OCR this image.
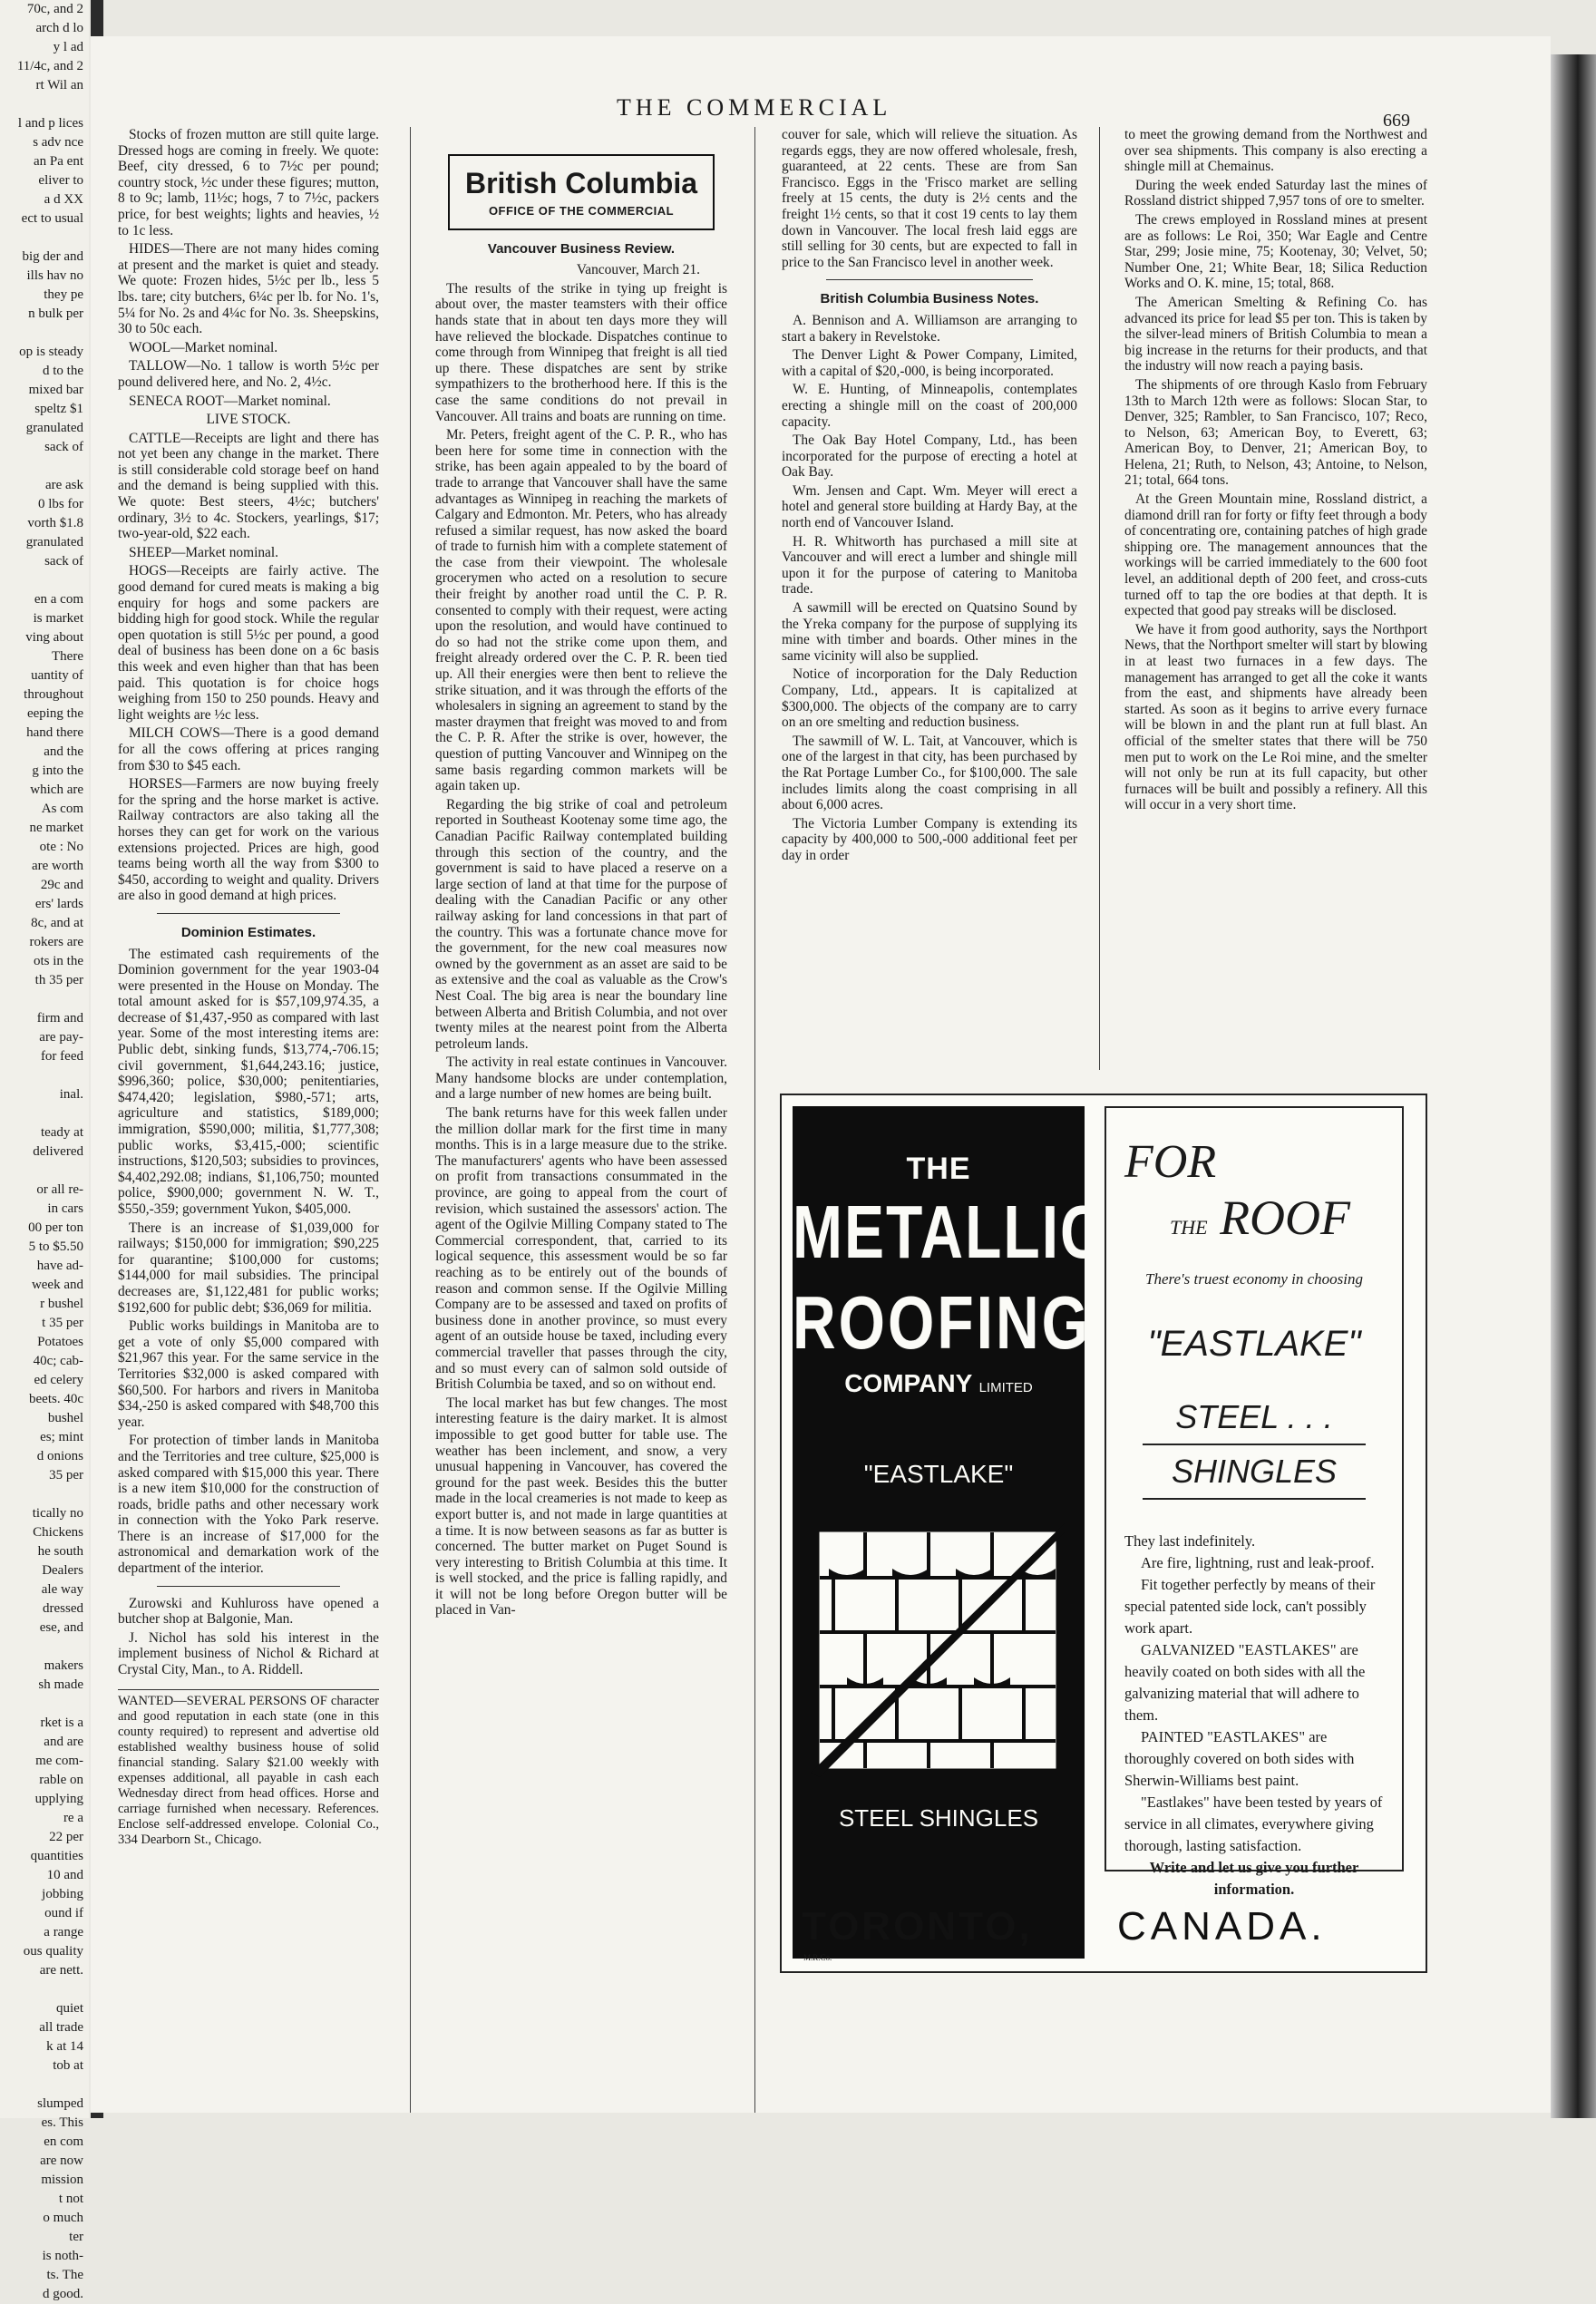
70c, and 2
arch d lo
y l ad
11/4c, and 2
rt Wil an

l and p lices
s adv nce
an Pa ent
eliver to
a d XX
ect to usual

big der and
ills hav no
they pe
n bulk per

op is steady
d to the
mixed bar
speltz $1
granulated
sack of

are ask
0 lbs for
vorth $1.8
granulated
sack of

en a com
is market
ving about
There
uantity of
throughout
eeping the
hand there
and the
g into the
which are
As com
ne market
ote : No
are worth
29c and
ers' lards
8c, and at
rokers are
ots in the
th 35 per

firm and
are pay-
for feed

inal.

teady at
delivered

or all re-
in cars
00 per ton
5 to $5.50
have ad-
week and
r bushel
t 35 per
Potatoes
40c; cab-
ed celery
beets. 40c
bushel
es; mint
d onions
35 per

tically no
Chickens
he south
Dealers
ale way
dressed
ese, and

makers
sh made

rket is a
and are
me com-
rable on
upplying
re a
22 per
quantities
10 and
jobbing
ound if
a range
ous quality
are nett.

quiet
all trade
k at 14
tob at

slumped
es. This
en com
are now
mission
t not
o much
ter
is noth-
ts. The
d good.
THE COMMERCIAL	669

Stocks of frozen mutton are still quite large. Dressed hogs are coming in freely. We quote: Beef, city dressed, 6 to 7½c per pound; country stock, ½c under these figures; mutton, 8 to 9c; lamb, 11½c; hogs, 7 to 7½c, packers price, for best weights; lights and heavies, ½ to 1c less.

HIDES—There are not many hides coming at present and the market is quiet and steady. We quote: Frozen hides, 5½c per lb., less 5 lbs. tare; city butchers, 6¼c per lb. for No. 1's, 5¼ for No. 2s and 4¼c for No. 3s. Sheepskins, 30 to 50c each.

WOOL—Market nominal.

TALLOW—No. 1 tallow is worth 5½c per pound delivered here, and No. 2, 4½c.

SENECA ROOT—Market nominal.

LIVE STOCK.

CATTLE—Receipts are light and there has not yet been any change in the market. There is still considerable cold storage beef on hand and the demand is being supplied with this. We quote: Best steers, 4½c; butchers' ordinary, 3½ to 4c. Stockers, yearlings, $17; two-year-old, $22 each.

SHEEP—Market nominal.

HOGS—Receipts are fairly active. The good demand for cured meats is making a big enquiry for hogs and some packers are bidding high for good stock. While the regular open quotation is still 5½c per pound, a good deal of business has been done on a 6c basis this week and even higher than that has been paid. This quotation is for choice hogs weighing from 150 to 250 pounds. Heavy and light weights are ½c less.

MILCH COWS—There is a good demand for all the cows offering at prices ranging from $30 to $45 each.

HORSES—Farmers are now buying freely for the spring and the horse market is active. Railway contractors are also taking all the horses they can get for work on the various extensions projected. Prices are high, good teams being worth all the way from $300 to $450, according to weight and quality. Drivers are also in good demand at high prices.

Dominion Estimates.

The estimated cash requirements of the Dominion government for the year 1903-04 were presented in the House on Monday. The total amount asked for is $57,109,974.35, a decrease of $1,437,-950 as compared with last year. Some of the most interesting items are: Public debt, sinking funds, $13,774,-706.15; civil government, $1,644,243.16; justice, $996,360; police, $30,000; penitentiaries, $474,420; legislation, $980,-571; arts, agriculture and statistics, $189,000; immigration, $590,000; militia, $1,777,308; public works, $3,415,-000; scientific instructions, $120,503; subsidies to provinces, $4,402,292.08; indians, $1,106,750; mounted police, $900,000; government N. W. T., $550,-359; government Yukon, $405,000.

There is an increase of $1,039,000 for railways; $150,000 for immigration; $90,225 for quarantine; $100,000 for customs; $144,000 for mail subsidies. The principal decreases are, $1,122,481 for public works; $192,600 for public debt; $36,069 for militia.

Public works buildings in Manitoba are to get a vote of only $5,000 compared with $21,967 this year. For the same service in the Territories $32,000 is asked compared with $60,500. For harbors and rivers in Manitoba $34,-250 is asked compared with $48,700 this year.

For protection of timber lands in Manitoba and the Territories and tree culture, $25,000 is asked compared with $15,000 this year. There is a new item $10,000 for the construction of roads, bridle paths and other necessary work in connection with the Yoko Park reserve. There is an increase of $17,000 for the astronomical and demarkation work of the department of the interior.

Zurowski and Kuhluross have opened a butcher shop at Balgonie, Man.

J. Nichol has sold his interest in the implement business of Nichol & Richard at Crystal City, Man., to A. Riddell.

WANTED—SEVERAL PERSONS OF character and good reputation in each state (one in this county required) to represent and advertise old established wealthy business house of solid financial standing. Salary $21.00 weekly with expenses additional, all payable in cash each Wednesday direct from head offices. Horse and carriage furnished when necessary. References. Enclose self-addressed envelope. Colonial Co., 334 Dearborn St., Chicago.
British Columbia
OFFICE OF THE COMMERCIAL

Vancouver Business Review.

Vancouver, March 21.

The results of the strike in tying up freight is about over, the master teamsters with their office hands state that in about ten days more they will have relieved the blockade. Dispatches continue to come through from Winnipeg that freight is all tied up there. These dispatches are sent by strike sympathizers to the brotherhood here. If this is the case the same conditions do not prevail in Vancouver. All trains and boats are running on time.

Mr. Peters, freight agent of the C. P. R., who has been here for some time in connection with the strike, has been again appealed to by the board of trade to arrange that Vancouver shall have the same advantages as Winnipeg in reaching the markets of Calgary and Edmonton. Mr. Peters, who has already refused a similar request, has now asked the board of trade to furnish him with a complete statement of the case from their viewpoint. The wholesale grocerymen who acted on a resolution to secure their freight by another road until the C. P. R. consented to comply with their request, were acting upon the resolution, and would have continued to do so had not the strike come upon them, and freight already ordered over the C. P. R. been tied up. All their energies were then bent to relieve the strike situation, and it was through the efforts of the wholesalers in signing an agreement to stand by the master draymen that freight was moved to and from the C. P. R. After the strike is over, however, the question of putting Vancouver and Winnipeg on the same basis regarding common markets will be again taken up.

Regarding the big strike of coal and petroleum reported in Southeast Kootenay some time ago, the Canadian Pacific Railway contemplated building through this section of the country, and the government is said to have placed a reserve on a large section of land at that time for the purpose of dealing with the Canadian Pacific or any other railway asking for land concessions in that part of the country. This was a fortunate chance move for the government, for the new coal measures now owned by the government as an asset are said to be as extensive and the coal as valuable as the Crow's Nest Coal. The big area is near the boundary line between Alberta and British Columbia, and not over twenty miles at the nearest point from the Alberta petroleum lands.

The activity in real estate continues in Vancouver. Many handsome blocks are under contemplation, and a large number of new homes are being built.

The bank returns have for this week fallen under the million dollar mark for the first time in many months. This is in a large measure due to the strike. The manufacturers' agents who have been assessed on profit from transactions consummated in the province, are going to appeal from the court of revision, which sustained the assessors' action. The agent of the Ogilvie Milling Company stated to The Commercial correspondent, that, carried to its logical sequence, this assessment would be so far reaching as to be entirely out of the bounds of reason and common sense. If the Ogilvie Milling Company are to be assessed and taxed on profits of business done in another province, so must every agent of an outside house be taxed, including every commercial traveller that passes through the city, and so must every can of salmon sold outside of British Columbia be taxed, and so on without end.

The local market has but few changes. The most interesting feature is the dairy market. It is almost impossible to get good butter for table use. The weather has been inclement, and snow, a very unusual happening in Vancouver, has covered the ground for the past week. Besides this the butter made in the local creameries is not made to keep as export butter is, and not made in large quantities at a time. It is now between seasons as far as butter is concerned. The butter market on Puget Sound is very interesting to British Columbia at this time. It is well stocked, and the price is falling rapidly, and it will not be long before Oregon butter will be placed in Van-

couver for sale, which will relieve the situation. As regards eggs, they are now offered wholesale, fresh, guaranteed, at 22 cents. These are from San Francisco. Eggs in the 'Frisco market are selling freely at 15 cents, the duty is 2½ cents and the freight 1½ cents, so that it cost 19 cents to lay them down in Vancouver. The local fresh laid eggs are still selling for 30 cents, but are expected to fall in price to the San Francisco level in another week.

British Columbia Business Notes.

A. Bennison and A. Williamson are arranging to start a bakery in Revelstoke.

The Denver Light & Power Company, Limited, with a capital of $20,-000, is being incorporated.

W. E. Hunting, of Minneapolis, contemplates erecting a shingle mill on the coast of 200,000 capacity.

The Oak Bay Hotel Company, Ltd., has been incorporated for the purpose of erecting a hotel at Oak Bay.

Wm. Jensen and Capt. Wm. Meyer will erect a hotel and general store building at Hardy Bay, at the north end of Vancouver Island.

H. R. Whitworth has purchased a mill site at Vancouver and will erect a lumber and shingle mill upon it for the purpose of catering to Manitoba trade.

A sawmill will be erected on Quatsino Sound by the Yreka company for the purpose of supplying its mine with timber and boards. Other mines in the same vicinity will also be supplied.

Notice of incorporation for the Daly Reduction Company, Ltd., appears. It is capitalized at $300,000. The objects of the company are to carry on an ore smelting and reduction business.

The sawmill of W. L. Tait, at Vancouver, which is one of the largest in that city, has been purchased by the Rat Portage Lumber Co., for $100,000. The sale includes limits along the coast comprising in all about 6,000 acres.

The Victoria Lumber Company is extending its capacity by 400,000 to 500,-000 additional feet per day in order

to meet the growing demand from the Northwest and over sea shipments. This company is also erecting a shingle mill at Chemainus.

During the week ended Saturday last the mines of Rossland district shipped 7,957 tons of ore to smelter.

The crews employed in Rossland mines at present are as follows: Le Roi, 350; War Eagle and Centre Star, 299; Josie mine, 75; Kootenay, 30; Velvet, 50; Number One, 21; White Bear, 18; Silica Reduction Works and O. K. mine, 15; total, 868.

The American Smelting & Refining Co. has advanced its price for lead $5 per ton. This is taken by the silver-lead miners of British Columbia to mean a big increase in the returns for their products, and that the industry will now reach a paying basis.

The shipments of ore through Kaslo from February 13th to March 12th were as follows: Slocan Star, to Denver, 325; Rambler, to San Francisco, 107; Reco, to Nelson, 63; American Boy, to Everett, 63; American Boy, to Denver, 21; American Boy, to Helena, 21; Ruth, to Nelson, 43; Antoine, to Nelson, 21; total, 664 tons.

At the Green Mountain mine, Rossland district, a diamond drill ran for forty or fifty feet through a body of concentrating ore, containing patches of high grade shipping ore. The management announces that the workings will be carried immediately to the 600 foot level, an additional depth of 200 feet, and cross-cuts turned off to tap the ore bodies at that depth. It is expected that good pay streaks will be disclosed.

We have it from good authority, says the Northport News, that the Northport smelter will start by blowing in at least two furnaces in a few days. The management has arranged to get all the coke it wants from the east, and shipments have already been started. As soon as it begins to arrive every furnace will be blown in and the plant run at full blast. An official of the smelter states that there will be 750 men put to work on the Le Roi mine, and the smelter will not only be run at its full capacity, but other furnaces will be built and possibly a refinery. All this will occur in a very short time.

THE
METALLIC
ROOFING
COMPANY LIMITED
"EASTLAKE"
STEEL SHINGLES
FOR
THE ROOF
There's truest economy in choosing
"EASTLAKE"
STEEL . . .
SHINGLES

They last indefinitely.

Are fire, lightning, rust and leak-proof.

Fit together perfectly by means of their special patented side lock, can't possibly work apart.

GALVANIZED "EASTLAKES" are heavily coated on both sides with all the galvanizing material that will adhere to them.

PAINTED "EASTLAKES" are thoroughly covered on both sides with Sherwin-Williams best paint.

"Eastlakes" have been tested by years of service in all climates, everywhere giving thorough, lasting satisfaction.

Write and let us give you further information.

TORONTO, CANADA.
M.R.Co.
